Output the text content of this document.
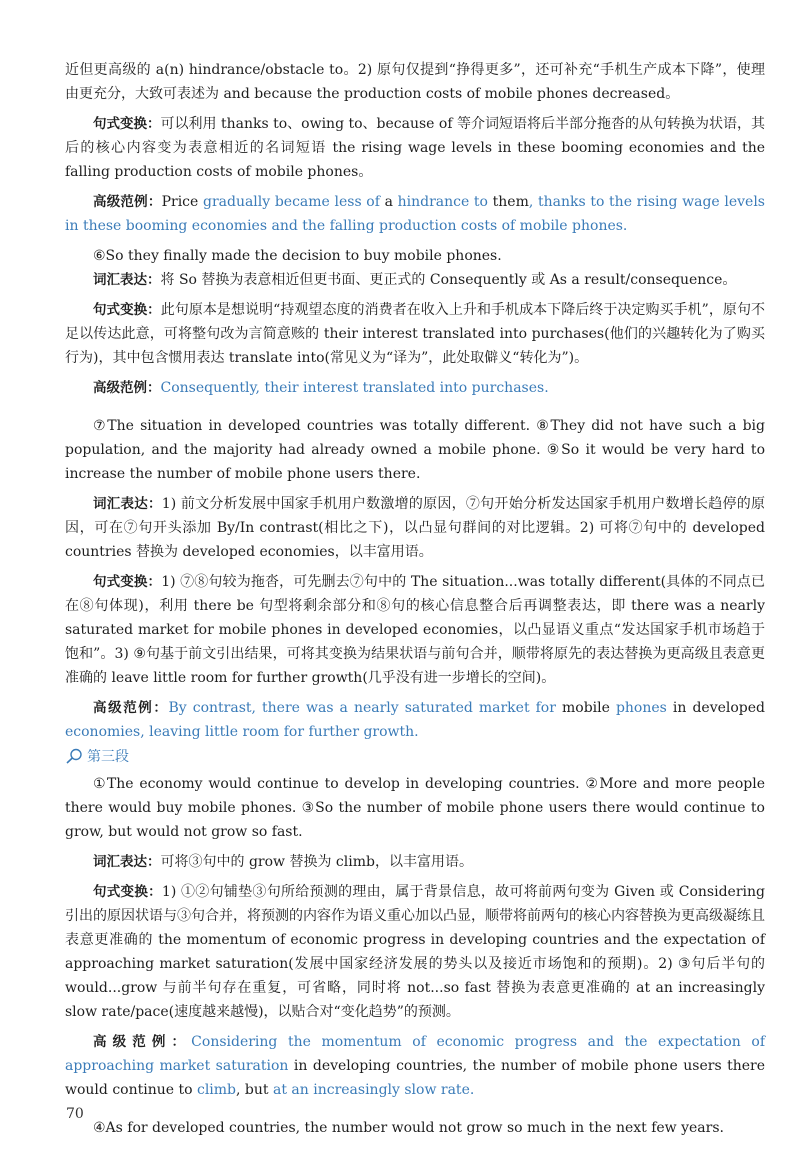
近但更高级的 a(n) hindrance/obstacle to。2) 原句仅提到“挣得更多”，还可补充“手机生产成本下降”，使理由更充分，大致可表述为 and because the production costs of mobile phones decreased。

句式变换：可以利用 thanks to、owing to、because of 等介词短语将后半部分拖沓的从句转换为状语，其后的核心内容变为表意相近的名词短语 the rising wage levels in these booming economies and the falling production costs of mobile phones。

高级范例：Price gradually became less of a hindrance to them, thanks to the rising wage levels in these booming economies and the falling production costs of mobile phones.

⑥So they finally made the decision to buy mobile phones.

词汇表达：将 So 替换为表意相近但更书面、更正式的 Consequently 或 As a result/consequence。

句式变换：此句原本是想说明“持观望态度的消费者在收入上升和手机成本下降后终于决定购买手机”，原句不足以传达此意，可将整句改为言简意赅的 their interest translated into purchases(他们的兴趣转化为了购买行为)，其中包含惯用表达 translate into(常见义为“译为”，此处取僻义“转化为”)。

高级范例：Consequently, their interest translated into purchases.

⑦The situation in developed countries was totally different. ⑧They did not have such a big population, and the majority had already owned a mobile phone. ⑨So it would be very hard to increase the number of mobile phone users there.

词汇表达：1) 前文分析发展中国家手机用户数激增的原因，⑦句开始分析发达国家手机用户数增长趋停的原因，可在⑦句开头添加 By/In contrast(相比之下)，以凸显句群间的对比逻辑。2) 可将⑦句中的 developed countries 替换为 developed economies，以丰富用语。

句式变换：1) ⑦⑧句较为拖沓，可先删去⑦句中的 The situation...was totally different(具体的不同点已在⑧句体现)，利用 there be 句型将剩余部分和⑧句的核心信息整合后再调整表达，即 there was a nearly saturated market for mobile phones in developed economies，以凸显语义重点“发达国家手机市场趋于饱和”。3) ⑨句基于前文引出结果，可将其变换为结果状语与前句合并，顺带将原先的表达替换为更高级且表意更准确的 leave little room for further growth(几乎没有进一步增长的空间)。

高级范例：By contrast, there was a nearly saturated market for mobile phones in developed economies, leaving little room for further growth.

第三段

①The economy would continue to develop in developing countries. ②More and more people there would buy mobile phones. ③So the number of mobile phone users there would continue to grow, but would not grow so fast.

词汇表达：可将③句中的 grow 替换为 climb，以丰富用语。

句式变换：1) ①②句铺垫③句所给预测的理由，属于背景信息，故可将前两句变为 Given 或 Considering 引出的原因状语与③句合并，将预测的内容作为语义重心加以凸显，顺带将前两句的核心内容替换为更高级凝练且表意更准确的 the momentum of economic progress in developing countries and the expectation of approaching market saturation(发展中国家经济发展的势头以及接近市场饱和的预期)。2) ③句后半句的 would...grow 与前半句存在重复，可省略，同时将 not...so fast 替换为表意更准确的 at an increasingly slow rate/pace(速度越来越慢)，以贴合对“变化趋势”的预测。

高级范例：Considering the momentum of economic progress and the expectation of approaching market saturation in developing countries, the number of mobile phone users there would continue to climb, but at an increasingly slow rate.

④As for developed countries, the number would not grow so much in the next few years.

70
